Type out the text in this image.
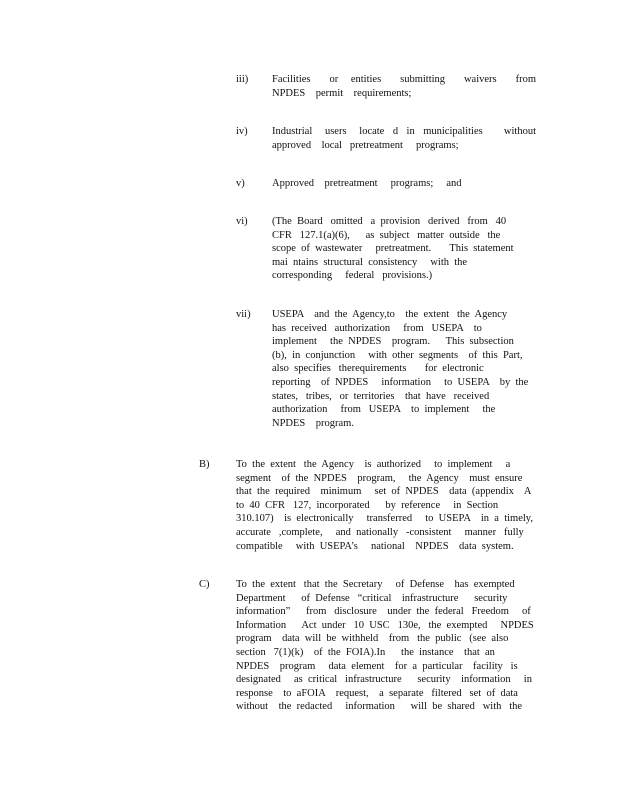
iii) Facilities   or  entities   submitting   waivers   from
NPDES    permit    requirements;
iv) Industrial   users   locate  d  in  municipalities     without
approved    local   pretreatment     programs;
v)	Approved    pretreatment     programs;     and
vi) (The  Board   omitted   a  provision   derived   from   40
CFR   127.1(a)(6),      as  subject   matter  outside   the
scope  of  wastewater     pretreatment.       This  statement
mai  ntains  structural  consistency     with  the
corresponding     federal   provisions.)
vii) USEPA    and  the  Agency,to    the  extent   the  Agency
has  received   authorization     from   USEPA    to
implement     the  NPDES    program.      This  subsection
(b),  in  conjunction     with  other  segments    of  this  Part,
also  specifies   therequirements       for  electronic
reporting    of  NPDES     information     to  USEPA    by  the
states,   tribes,   or  territories    that  have   received
authorization     from   USEPA    to  implement     the
NPDES    program.
B)	To  the  extent   the  Agency    is  authorized     to  implement     a
segment    of  the  NPDES    program,     the  Agency    must  ensure
that  the  required    minimum     set  of  NPDES    data  (appendix    A
to  40  CFR   127,  incorporated      by  reference     in  Section
310.107)    is  electronically     transferred     to  USEPA    in  a  timely,
accurate   ,complete,     and  nationally   -consistent     manner   fully
compatible     with  USEPA’s     national    NPDES    data  system.
C)	To  the  extent   that  the  Secretary     of  Defense    has  exempted
Department      of  Defense   “critical    infrastructure      security
information”      from   disclosure    under  the  federal   Freedom     of
Information      Act  under   10  USC   130e,   the  exempted     NPDES
program    data  will  be  withheld    from   the  public   (see  also
section   7(1)(k)    of  the  FOIA).In      the  instance    that  an
NPDES    program     data  element    for  a  particular    facility   is
designated     as  critical   infrastructure      security    information     in
response    to  aFOIA    request,    a  separate   filtered   set  of  data
without    the  redacted     information      will  be  shared   with   the
